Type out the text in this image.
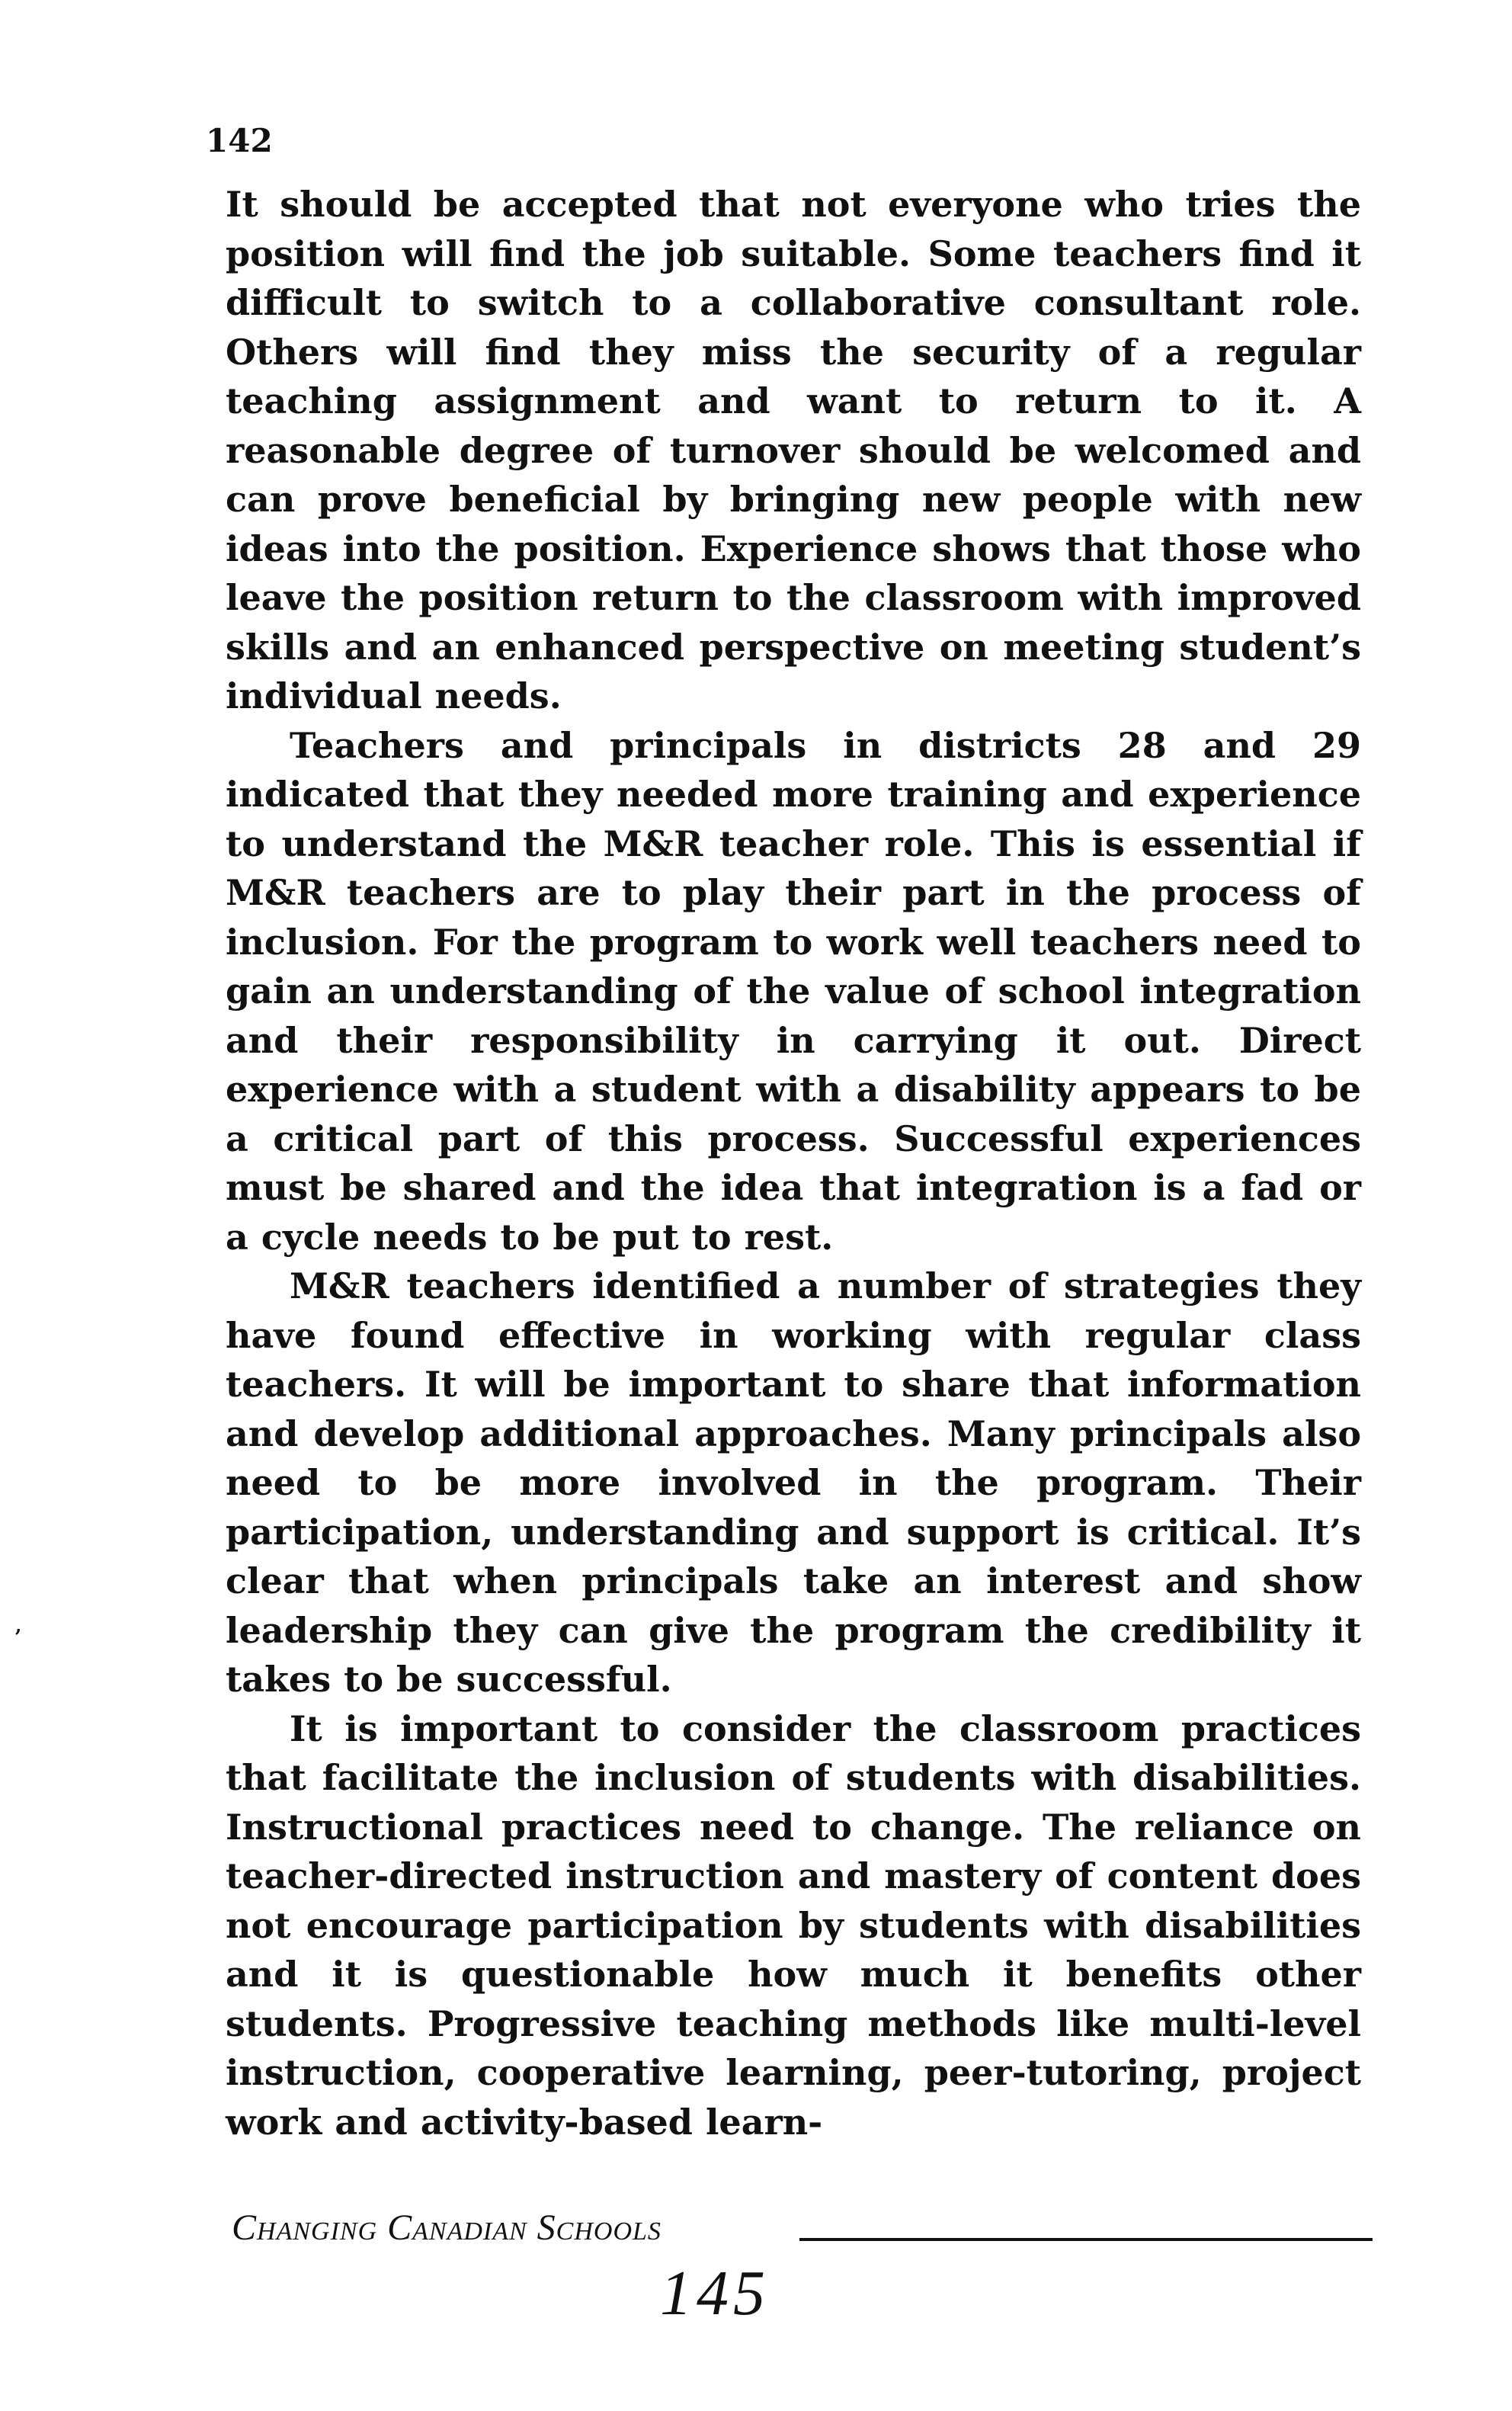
142
,

It should be accepted that not everyone who tries the position will find the job suitable. Some teachers find it difficult to switch to a collaborative consultant role. Others will find they miss the security of a regular teaching assignment and want to return to it. A reasonable degree of turnover should be welcomed and can prove beneficial by bringing new people with new ideas into the position. Experience shows that those who leave the position return to the classroom with improved skills and an enhanced perspective on meeting student’s individual needs.

Teachers and principals in districts 28 and 29 indicated that they needed more training and experience to understand the M&R teacher role. This is essential if M&R teachers are to play their part in the process of inclusion. For the program to work well teachers need to gain an understanding of the value of school integration and their responsibility in carrying it out. Direct experience with a student with a disability appears to be a critical part of this process. Successful experiences must be shared and the idea that integration is a fad or a cycle needs to be put to rest.

M&R teachers identified a number of strategies they have found effective in working with regular class teachers. It will be important to share that information and develop additional approaches. Many principals also need to be more involved in the program. Their participation, understanding and support is critical. It’s clear that when principals take an interest and show leadership they can give the program the credibility it takes to be successful.

It is important to consider the classroom practices that facilitate the inclusion of students with disabilities. Instructional practices need to change. The reliance on teacher-directed instruction and mastery of content does not encourage participation by students with disabilities and it is questionable how much it benefits other students. Progressive teaching methods like multi-level instruction, cooperative learning, peer-tutoring, project work and activity-based learn-

Changing Canadian Schools
145
